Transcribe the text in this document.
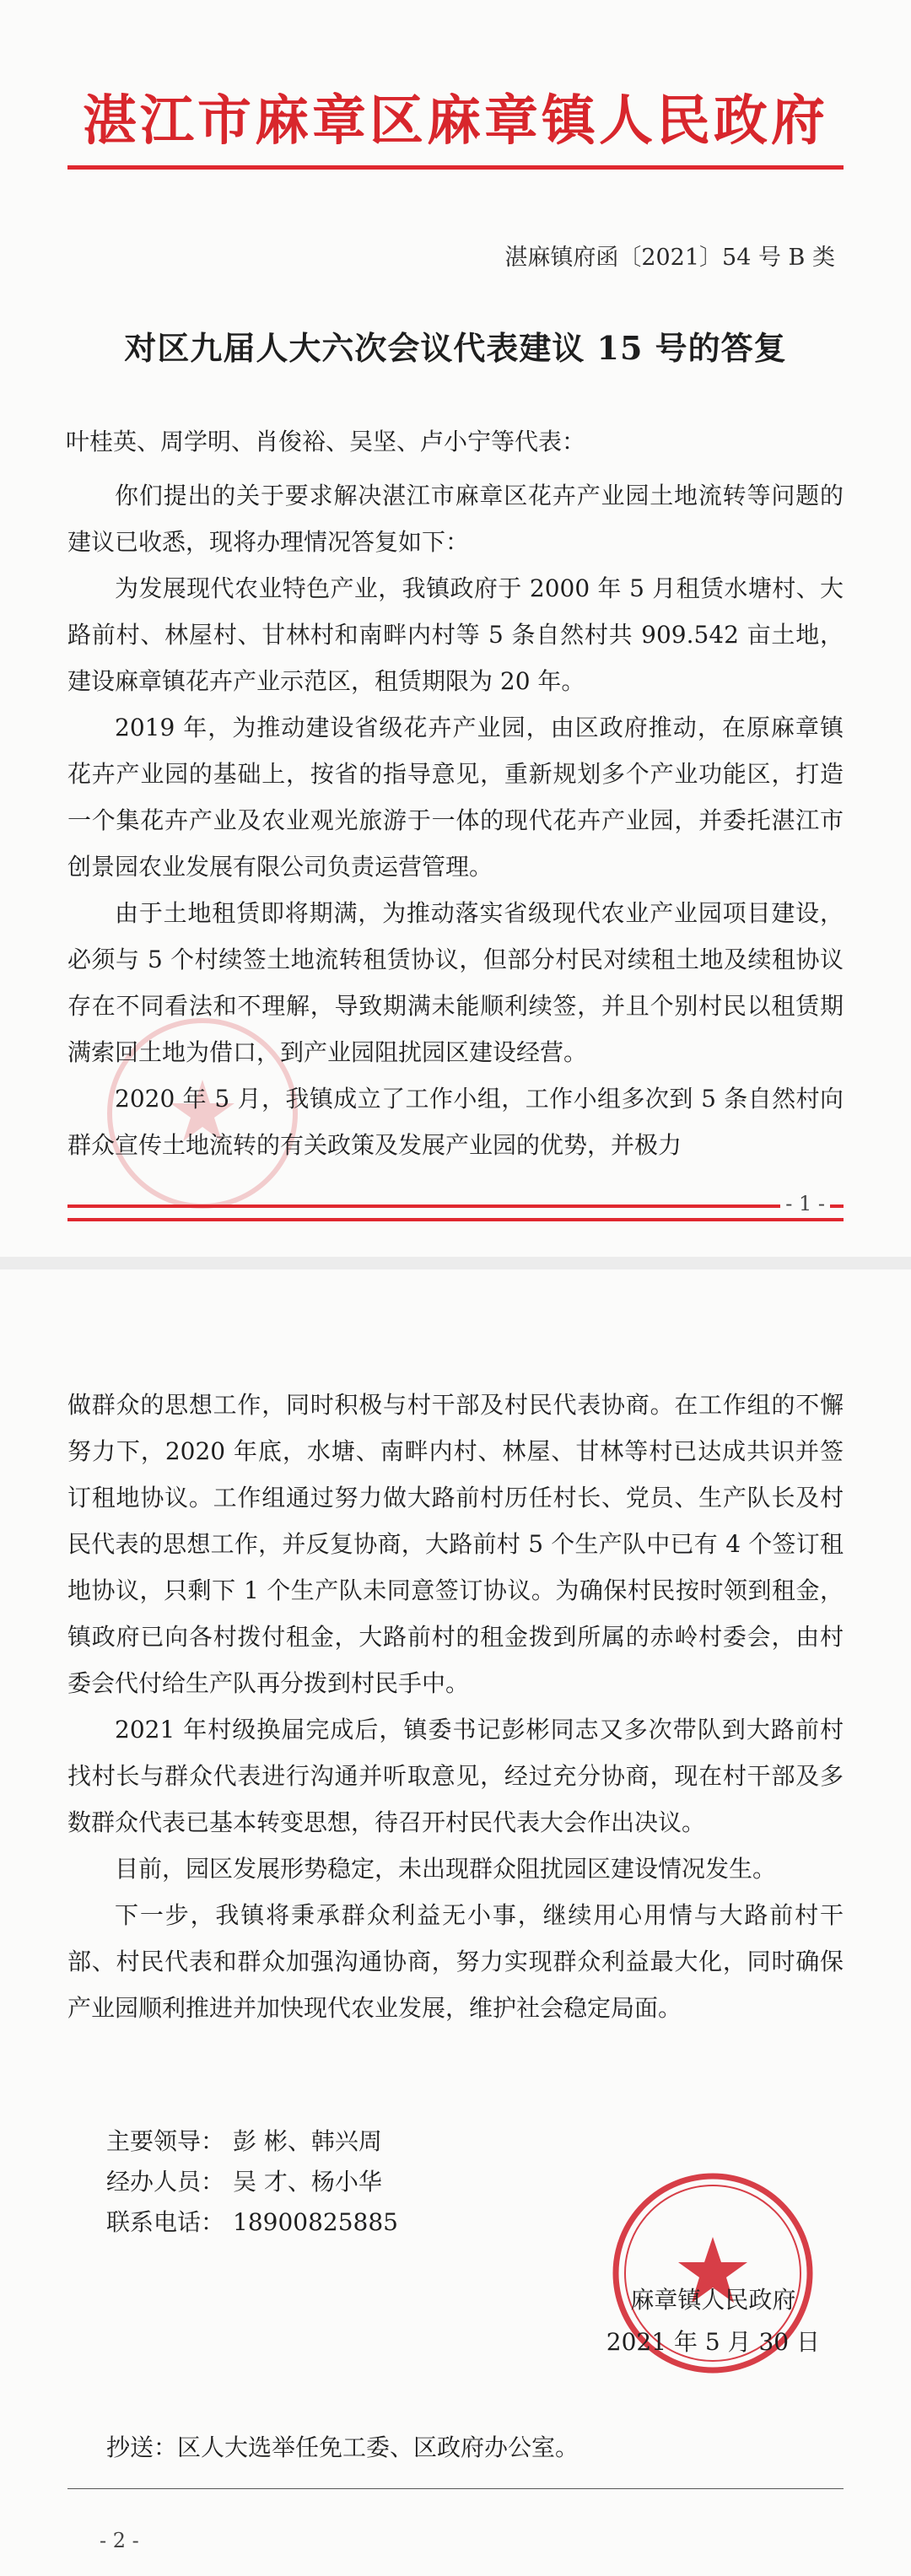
湛江市麻章区麻章镇人民政府
湛麻镇府函〔2021〕54 号 B 类
对区九届人大六次会议代表建议 15 号的答复
叶桂英、周学明、肖俊裕、吴坚、卢小宁等代表：

你们提出的关于要求解决湛江市麻章区花卉产业园土地流转等问题的建议已收悉，现将办理情况答复如下：

为发展现代农业特色产业，我镇政府于 2000 年 5 月租赁水塘村、大路前村、林屋村、甘林村和南畔内村等 5 条自然村共 909.542 亩土地，建设麻章镇花卉产业示范区，租赁期限为 20 年。

2019 年，为推动建设省级花卉产业园，由区政府推动，在原麻章镇花卉产业园的基础上，按省的指导意见，重新规划多个产业功能区，打造一个集花卉产业及农业观光旅游于一体的现代花卉产业园，并委托湛江市创景园农业发展有限公司负责运营管理。

由于土地租赁即将期满，为推动落实省级现代农业产业园项目建设，必须与 5 个村续签土地流转租赁协议，但部分村民对续租土地及续租协议存在不同看法和不理解，导致期满未能顺利续签，并且个别村民以租赁期满索回土地为借口，到产业园阻扰园区建设经营。

2020 年 5 月，我镇成立了工作小组，工作小组多次到 5 条自然村向群众宣传土地流转的有关政策及发展产业园的优势，并极力

- 1 -

做群众的思想工作，同时积极与村干部及村民代表协商。在工作组的不懈努力下，2020 年底，水塘、南畔内村、林屋、甘林等村已达成共识并签订租地协议。工作组通过努力做大路前村历任村长、党员、生产队长及村民代表的思想工作，并反复协商，大路前村 5 个生产队中已有 4 个签订租地协议，只剩下 1 个生产队未同意签订协议。为确保村民按时领到租金，镇政府已向各村拨付租金，大路前村的租金拨到所属的赤岭村委会，由村委会代付给生产队再分拨到村民手中。

2021 年村级换届完成后，镇委书记彭彬同志又多次带队到大路前村找村长与群众代表进行沟通并听取意见，经过充分协商，现在村干部及多数群众代表已基本转变思想，待召开村民代表大会作出决议。

目前，园区发展形势稳定，未出现群众阻扰园区建设情况发生。

下一步，我镇将秉承群众利益无小事，继续用心用情与大路前村干部、村民代表和群众加强沟通协商，努力实现群众利益最大化，同时确保产业园顺利推进并加快现代农业发展，维护社会稳定局面。

主要领导： 彭 彬、韩兴周
经办人员： 吴 才、杨小华
联系电话： 18900825885
麻章镇人民政府
2021 年 5 月 30 日
抄送：区人大选举任免工委、区政府办公室。
- 2 -
